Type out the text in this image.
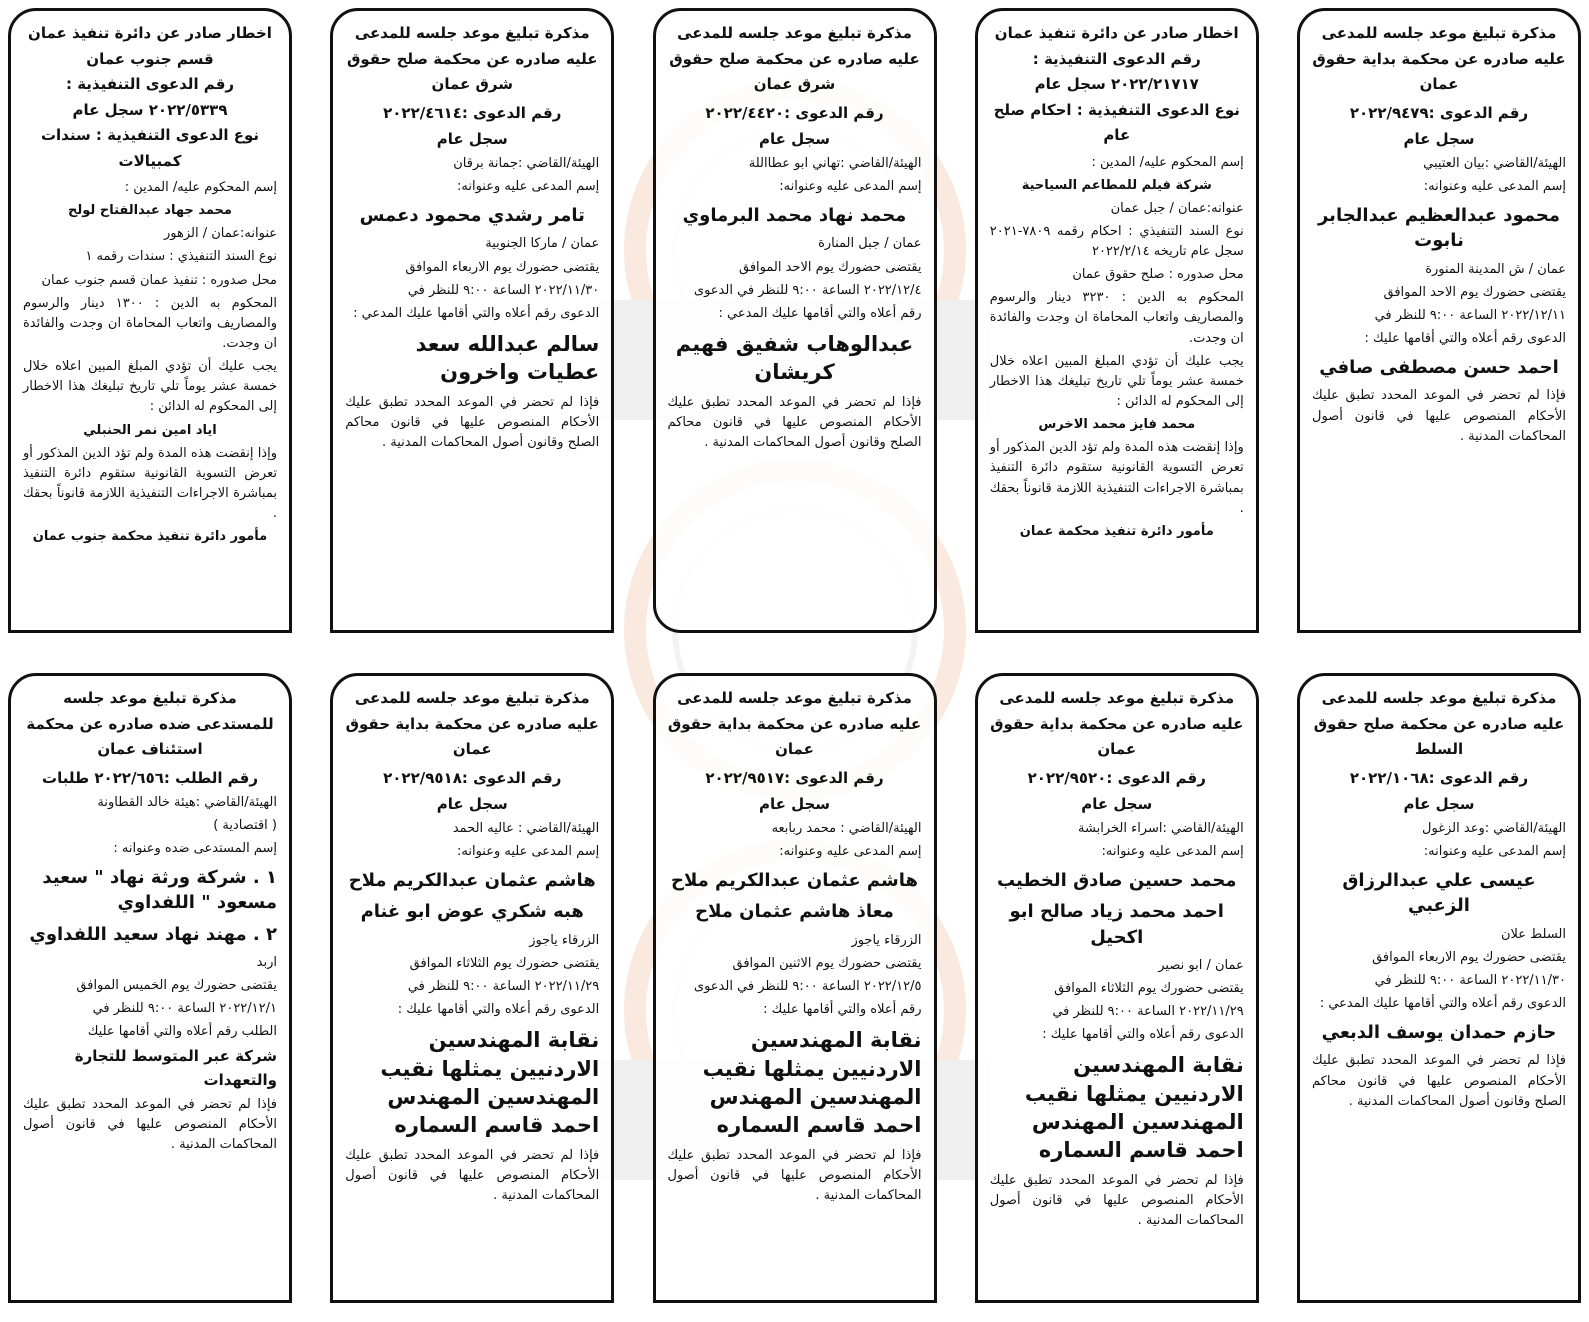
مذكرة تبليغ موعد جلسه للمدعى
عليه صادره عن محكمة بداية حقوق
عمان
رقم الدعوى :٢٠٢٢/٩٤٧٩
سجل عام
الهيئة/القاضي :بيان العتيبي
إسم المدعى عليه وعنوانه:
محمود عبدالعظيم عبدالجابر نابوت
عمان / ش المدينة المنورة
يقتضى حضورك يوم الاحد الموافق
٢٠٢٢/١٢/١١ الساعة ٩:٠٠ للنظر في
الدعوى رقم أعلاه والتي أقامها عليك :
احمد حسن مصطفى صافي
فإذا لم تحضر في الموعد المحدد تطبق عليك الأحكام المنصوص عليها في قانون أصول المحاكمات المدنية .
اخطار صادر عن دائرة تنفيذ عمان
رقم الدعوى التنفيذية :
٢٠٢٢/٢١٧١٧ سجل عام
نوع الدعوى التنفيذية : احكام صلح عام
إسم المحكوم عليه/ المدين :
شركة فيلم للمطاعم السياحية
عنوانه:عمان / جبل عمان
نوع السند التنفيذي : احكام رقمه ٧٨٠٩-٢٠٢١ سجل عام تاريخه ٢٠٢٢/٢/١٤
محل صدوره : صلح حقوق عمان
المحكوم به الدين : ٣٢٣٠ دينار والرسوم والمصاريف واتعاب المحاماة ان وجدت والفائدة ان وجدت.
يجب عليك أن تؤدي المبلغ المبين اعلاه خلال خمسة عشر يوماً تلي تاريخ تبليغك هذا الاخطار إلى المحكوم له الدائن :
محمد فايز محمد الاخرس
وإذا إنقضت هذه المدة ولم تؤد الدين المذكور أو تعرض التسوية القانونية ستقوم دائرة التنفيذ بمباشرة الاجراءات التنفيذية اللازمة قانوناً بحقك .
مأمور دائرة تنفيذ محكمة عمان
مذكرة تبليغ موعد جلسه للمدعى
عليه صادره عن محكمة صلح حقوق
شرق عمان
رقم الدعوى :٢٠٢٢/٤٤٢٠
سجل عام
الهيئة/القاضي :تهاني ابو عطااللة
إسم المدعى عليه وعنوانه:
محمد نهاد محمد البرماوي
عمان / جبل المنارة
يقتضى حضورك يوم الاحد الموافق
٢٠٢٢/١٢/٤ الساعة ٩:٠٠ للنظر في الدعوى
رقم أعلاه والتي أقامها عليك المدعي :
عبدالوهاب شفيق فهيم كريشان
فإذا لم تحضر في الموعد المحدد تطبق عليك الأحكام المنصوص عليها في قانون محاكم الصلح وقانون أصول المحاكمات المدنية .
مذكرة تبليغ موعد جلسه للمدعى
عليه صادره عن محكمة صلح حقوق
شرق عمان
رقم الدعوى :٢٠٢٢/٤٦١٤
سجل عام
الهيئة/القاضي :جمانة برقان
إسم المدعى عليه وعنوانه:
تامر رشدي محمود دعمس
عمان / ماركا الجنوبية
يقتضى حضورك يوم الاربعاء الموافق
٢٠٢٢/١١/٣٠ الساعة ٩:٠٠ للنظر في
الدعوى رقم أعلاه والتي أقامها عليك المدعي :
سالم عبدالله سعد عطيات واخرون
فإذا لم تحضر في الموعد المحدد تطبق عليك الأحكام المنصوص عليها في قانون محاكم الصلح وقانون أصول المحاكمات المدنية .
اخطار صادر عن دائرة تنفيذ عمان
قسم جنوب عمان
رقم الدعوى التنفيذية :
٢٠٢٢/٥٣٣٩ سجل عام
نوع الدعوى التنفيذية : سندات كمبيالات
إسم المحكوم عليه/ المدين :
محمد جهاد عبدالفتاح لولح
عنوانه:عمان / الزهور
نوع السند التنفيذي : سندات رقمه ١
محل صدوره : تنفيذ عمان قسم جنوب عمان
المحكوم به الدين : ١٣٠٠ دينار والرسوم والمصاريف واتعاب المحاماة ان وجدت والفائدة ان وجدت.
يجب عليك أن تؤدي المبلغ المبين اعلاه خلال خمسة عشر يوماً تلي تاريخ تبليغك هذا الاخطار إلى المحكوم له الدائن :
اياد امين نمر الحنبلي
وإذا إنقضت هذه المدة ولم تؤد الدين المذكور أو تعرض التسوية القانونية ستقوم دائرة التنفيذ بمباشرة الاجراءات التنفيذية اللازمة قانوناً بحقك .
مأمور دائرة تنفيذ محكمة جنوب عمان
مذكرة تبليغ موعد جلسه للمدعى
عليه صادره عن محكمة صلح حقوق
السلط
رقم الدعوى :٢٠٢٢/١٠٦٨
سجل عام
الهيئة/القاضي :وعد الزغول
إسم المدعى عليه وعنوانه:
عيسى علي عبدالرزاق الزعبي
السلط علان
يقتضى حضورك يوم الاربعاء الموافق
٢٠٢٢/١١/٣٠ الساعة ٩:٠٠ للنظر في
الدعوى رقم أعلاه والتي أقامها عليك المدعي :
حازم حمدان يوسف الدبعي
فإذا لم تحضر في الموعد المحدد تطبق عليك الأحكام المنصوص عليها في قانون محاكم الصلح وقانون أصول المحاكمات المدنية .
مذكرة تبليغ موعد جلسه للمدعى
عليه صادره عن محكمة بداية حقوق
عمان
رقم الدعوى :٢٠٢٢/٩٥٢٠
سجل عام
الهيئة/القاضي :اسراء الخرابشة
إسم المدعى عليه وعنوانه:
محمد حسين صادق الخطيب
احمد محمد زياد صالح ابو اكحيل
عمان / ابو نصير
يقتضى حضورك يوم الثلاثاء الموافق
٢٠٢٢/١١/٢٩ الساعة ٩:٠٠ للنظر في
الدعوى رقم أعلاه والتي أقامها عليك :
نقابة المهندسين الاردنيين يمثلها نقيب المهندسين المهندس احمد قاسم السماره
فإذا لم تحضر في الموعد المحدد تطبق عليك الأحكام المنصوص عليها في قانون أصول المحاكمات المدنية .
مذكرة تبليغ موعد جلسه للمدعى
عليه صادره عن محكمة بداية حقوق
عمان
رقم الدعوى :٢٠٢٢/٩٥١٧
سجل عام
الهيئة/القاضي : محمد ربابعه
إسم المدعى عليه وعنوانه:
هاشم عثمان عبدالكريم ملاح
معاذ هاشم عثمان ملاح
الزرقاء ياجوز
يقتضى حضورك يوم الاثنين الموافق
٢٠٢٢/١٢/٥ الساعة ٩:٠٠ للنظر في الدعوى
رقم أعلاه والتي أقامها عليك :
نقابة المهندسين الاردنيين يمثلها نقيب المهندسين المهندس احمد قاسم السماره
فإذا لم تحضر في الموعد المحدد تطبق عليك الأحكام المنصوص عليها في قانون أصول المحاكمات المدنية .
مذكرة تبليغ موعد جلسه للمدعى
عليه صادره عن محكمة بداية حقوق
عمان
رقم الدعوى :٢٠٢٢/٩٥١٨
سجل عام
الهيئة/القاضي : عاليه الحمد
إسم المدعى عليه وعنوانه:
هاشم عثمان عبدالكريم ملاح
هبه شكري عوض ابو غنام
الزرقاء ياجوز
يقتضى حضورك يوم الثلاثاء الموافق
٢٠٢٢/١١/٢٩ الساعة ٩:٠٠ للنظر في
الدعوى رقم أعلاه والتي أقامها عليك :
نقابة المهندسين الاردنيين يمثلها نقيب المهندسين المهندس احمد قاسم السماره
فإذا لم تحضر في الموعد المحدد تطبق عليك الأحكام المنصوص عليها في قانون أصول المحاكمات المدنية .
مذكرة تبليغ موعد جلسه
للمستدعى ضده صادره عن محكمة
استئناف عمان
رقم الطلب :٢٠٢٢/٦٥٦ طلبات
الهيئة/القاضي :هيئة خالد القطاونة
( اقتصادية )
إسم المستدعى ضده وعنوانه :
١ . شركة ورثة نهاد " سعيد مسعود " اللفداوي
٢ . مهند نهاد سعيد اللفداوي
اربد
يقتضى حضورك يوم الخميس الموافق
٢٠٢٢/١٢/١ الساعة ٩:٠٠ للنظر في
الطلب رقم أعلاه والتي أقامها عليك
شركة عبر المتوسط للتجارة والتعهدات
فإذا لم تحضر في الموعد المحدد تطبق عليك الأحكام المنصوص عليها في قانون أصول المحاكمات المدنية .
